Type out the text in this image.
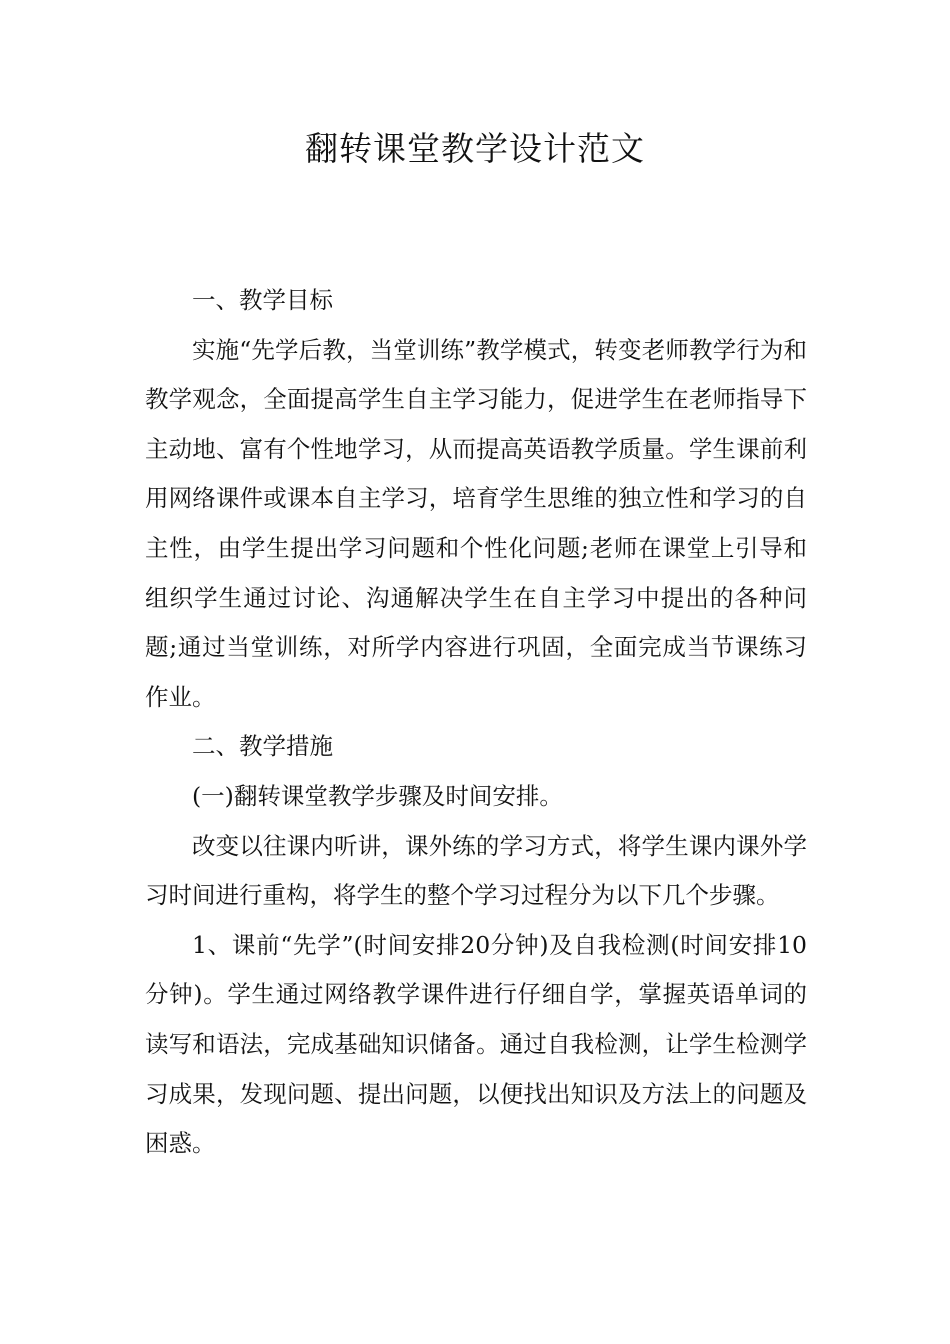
翻转课堂教学设计范文

一、教学目标

实施“先学后教，当堂训练”教学模式，转变老师教学行为和教学观念，全面提高学生自主学习能力，促进学生在老师指导下主动地、富有个性地学习，从而提高英语教学质量。学生课前利用网络课件或课本自主学习，培育学生思维的独立性和学习的自主性，由学生提出学习问题和个性化问题;老师在课堂上引导和组织学生通过讨论、沟通解决学生在自主学习中提出的各种问题;通过当堂训练，对所学内容进行巩固，全面完成当节课练习作业。

二、教学措施

(一)翻转课堂教学步骤及时间安排。

改变以往课内听讲，课外练的学习方式，将学生课内课外学习时间进行重构，将学生的整个学习过程分为以下几个步骤。

1、课前“先学”(时间安排20分钟)及自我检测(时间安排10分钟)。学生通过网络教学课件进行仔细自学，掌握英语单词的读写和语法，完成基础知识储备。通过自我检测，让学生检测学习成果，发现问题、提出问题，以便找出知识及方法上的问题及困惑。
